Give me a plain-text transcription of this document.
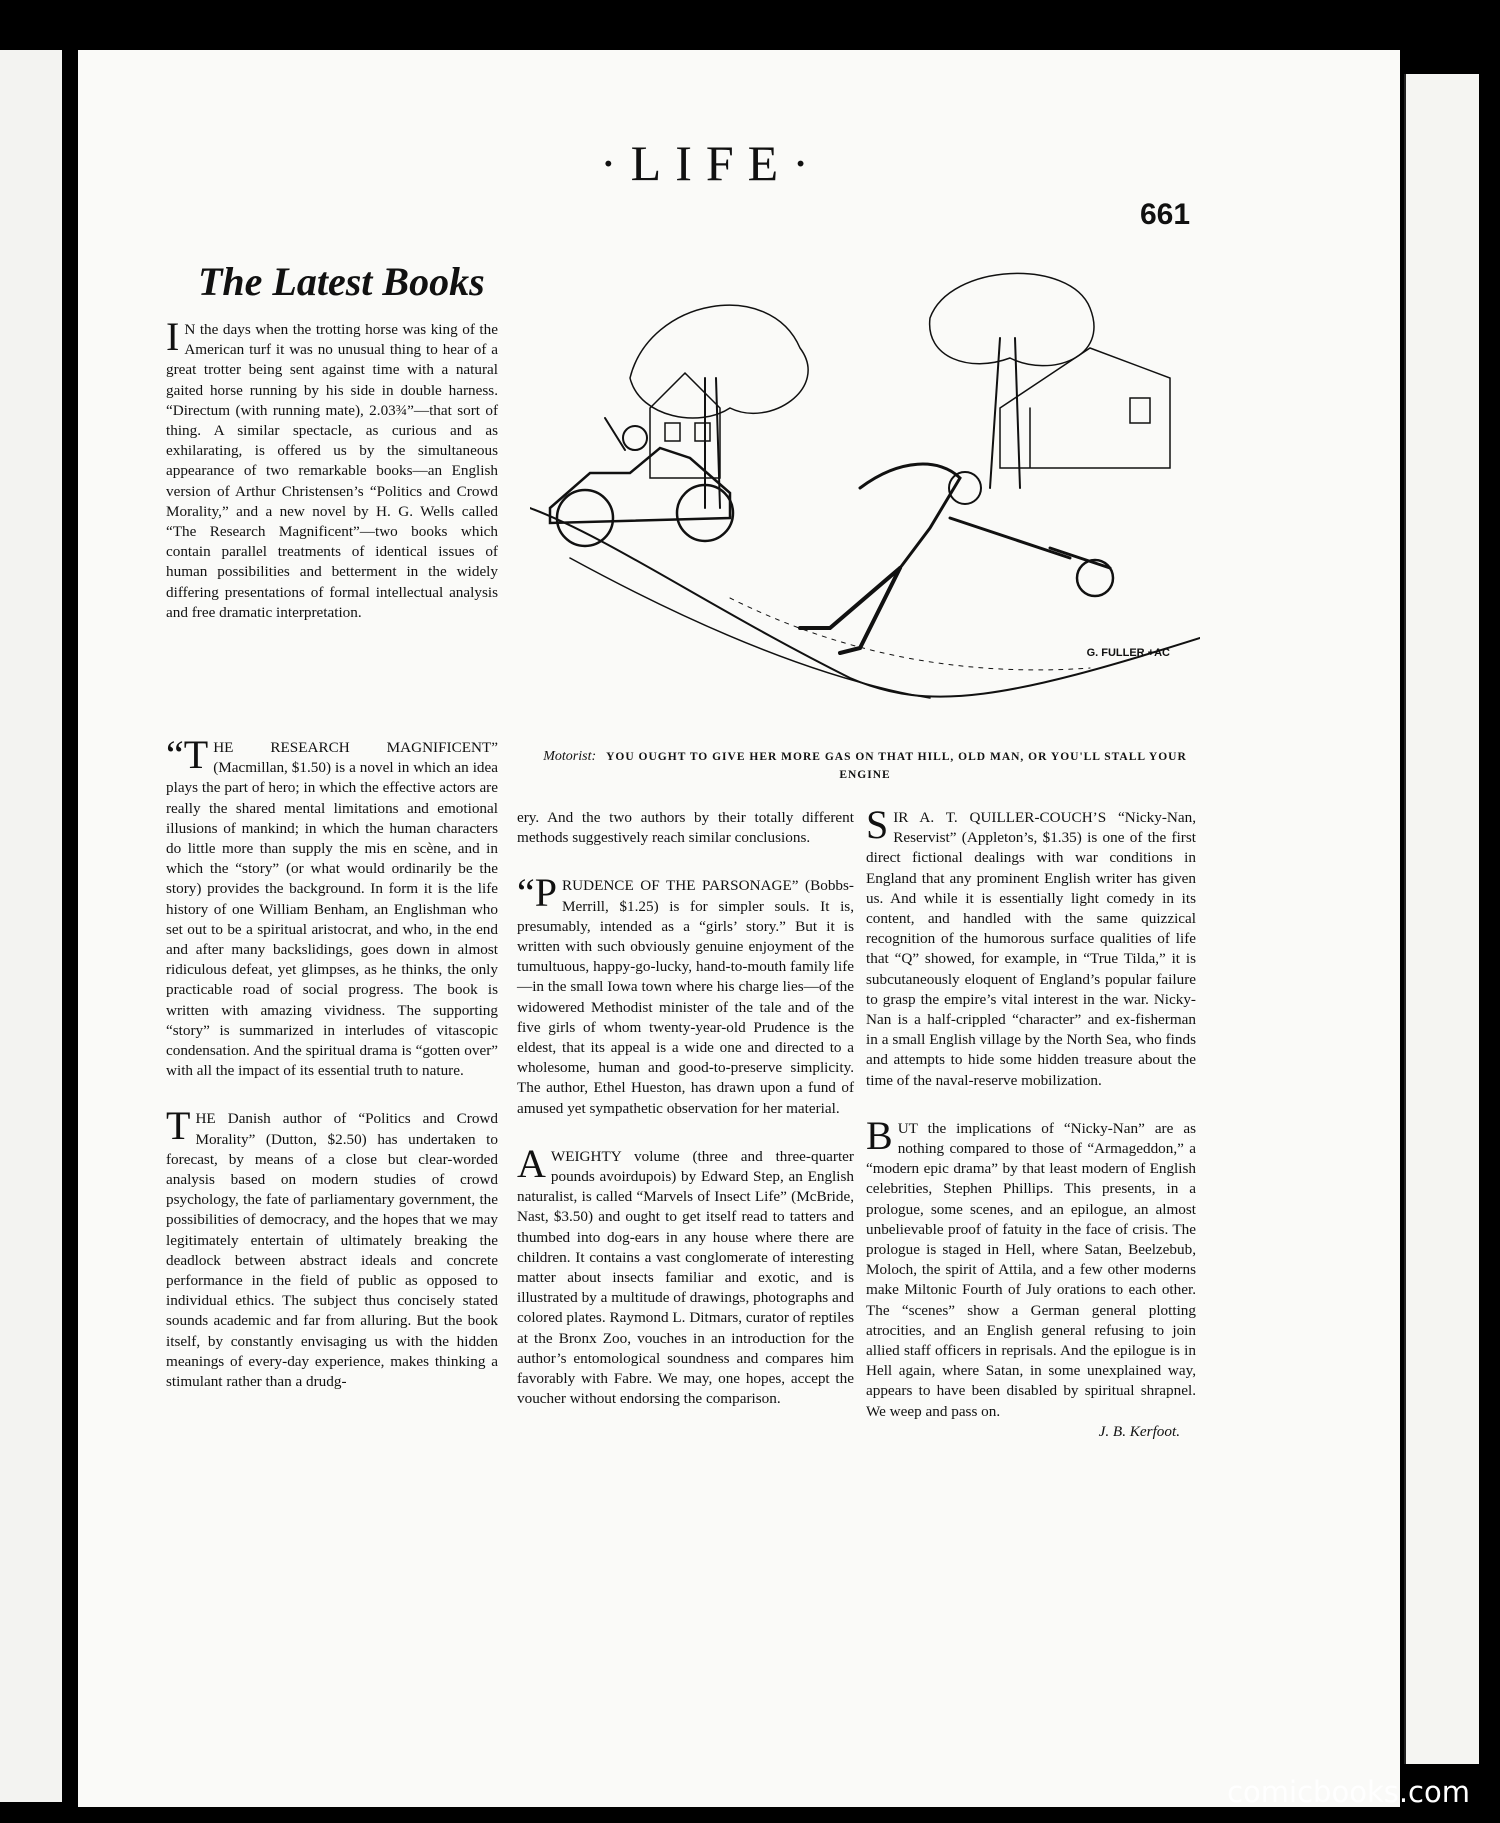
·LIFE·
661
The Latest Books

I N the days when the trotting horse was king of the American turf it was no unusual thing to hear of a great trotter being sent against time with a natural gaited horse running by his side in double harness. “Directum (with running mate), 2.03¾”—that sort of thing. A similar spectacle, as curious and as exhilarating, is offered us by the simultaneous appearance of two remarkable books—an English version of Arthur Christensen’s “Politics and Crowd Morality,” and a new novel by H. G. Wells called “The Research Magnificent”—two books which contain parallel treatments of identical issues of human possibilities and betterment in the widely differing presentations of formal intellectual analysis and free dramatic interpretation.

“THE RESEARCH MAGNIFICENT” (Macmillan, $1.50) is a novel in which an idea plays the part of hero; in which the effective actors are really the shared mental limitations and emotional illusions of mankind; in which the human characters do little more than supply the mis en scène, and in which the “story” (or what would ordinarily be the story) provides the background. In form it is the life history of one William Benham, an Englishman who set out to be a spiritual aristocrat, and who, in the end and after many backslidings, goes down in almost ridiculous defeat, yet glimpses, as he thinks, the only practicable road of social progress. The book is written with amazing vividness. The supporting “story” is summarized in interludes of vitascopic condensation. And the spiritual drama is “gotten over” with all the impact of its essential truth to nature.

THE Danish author of “Politics and Crowd Morality” (Dutton, $2.50) has undertaken to forecast, by means of a close but clear-worded analysis based on modern studies of crowd psychology, the fate of parliamentary government, the possibilities of democracy, and the hopes that we may legitimately entertain of ultimately breaking the deadlock between abstract ideals and concrete performance in the field of public as opposed to individual ethics. The subject thus concisely stated sounds academic and far from alluring. But the book itself, by constantly envisaging us with the hidden meanings of every-day experience, makes thinking a stimulant rather than a drudg-

ery. And the two authors by their totally different methods suggestively reach similar conclusions.

“PRUDENCE OF THE PARSONAGE” (Bobbs-Merrill, $1.25) is for simpler souls. It is, presumably, intended as a “girls’ story.” But it is written with such obviously genuine enjoyment of the tumultuous, happy-go-lucky, hand-to-mouth family life—in the small Iowa town where his charge lies—of the widowered Methodist minister of the tale and of the five girls of whom twenty-year-old Prudence is the eldest, that its appeal is a wide one and directed to a wholesome, human and good-to-preserve simplicity. The author, Ethel Hueston, has drawn upon a fund of amused yet sympathetic observation for her material.

AWEIGHTY volume (three and three-quarter pounds avoirdupois) by Edward Step, an English naturalist, is called “Marvels of Insect Life” (McBride, Nast, $3.50) and ought to get itself read to tatters and thumbed into dog-ears in any house where there are children. It contains a vast conglomerate of interesting matter about insects familiar and exotic, and is illustrated by a multitude of drawings, photographs and colored plates. Raymond L. Ditmars, curator of reptiles at the Bronx Zoo, vouches in an introduction for the author’s entomological soundness and compares him favorably with Fabre. We may, one hopes, accept the voucher without endorsing the comparison.

SIR A. T. QUILLER-COUCH’S “Nicky-Nan, Reservist” (Appleton’s, $1.35) is one of the first direct fictional dealings with war conditions in England that any prominent English writer has given us. And while it is essentially light comedy in its content, and handled with the same quizzical recognition of the humorous surface qualities of life that “Q” showed, for example, in “True Tilda,” it is subcutaneously eloquent of England’s popular failure to grasp the empire’s vital interest in the war. Nicky-Nan is a half-crippled “character” and ex-fisherman in a small English village by the North Sea, who finds and attempts to hide some hidden treasure about the time of the naval-reserve mobilization.

BUT the implications of “Nicky-Nan” are as nothing compared to those of “Armageddon,” a “modern epic drama” by that least modern of English celebrities, Stephen Phillips. This presents, in a prologue, some scenes, and an epilogue, an almost unbelievable proof of fatuity in the face of crisis. The prologue is staged in Hell, where Satan, Beelzebub, Moloch, the spirit of Attila, and a few other moderns make Miltonic Fourth of July orations to each other. The “scenes” show a German general plotting atrocities, and an English general refusing to join allied staff officers in reprisals. And the epilogue is in Hell again, where Satan, in some unexplained way, appears to have been disabled by spiritual shrapnel. We weep and pass on.

J. B. Kerfoot.

G. FULLER +AC
Motorist: YOU OUGHT TO GIVE HER MORE GAS ON THAT HILL, OLD MAN, OR YOU'LL STALL YOUR ENGINE
comicbooks.com
